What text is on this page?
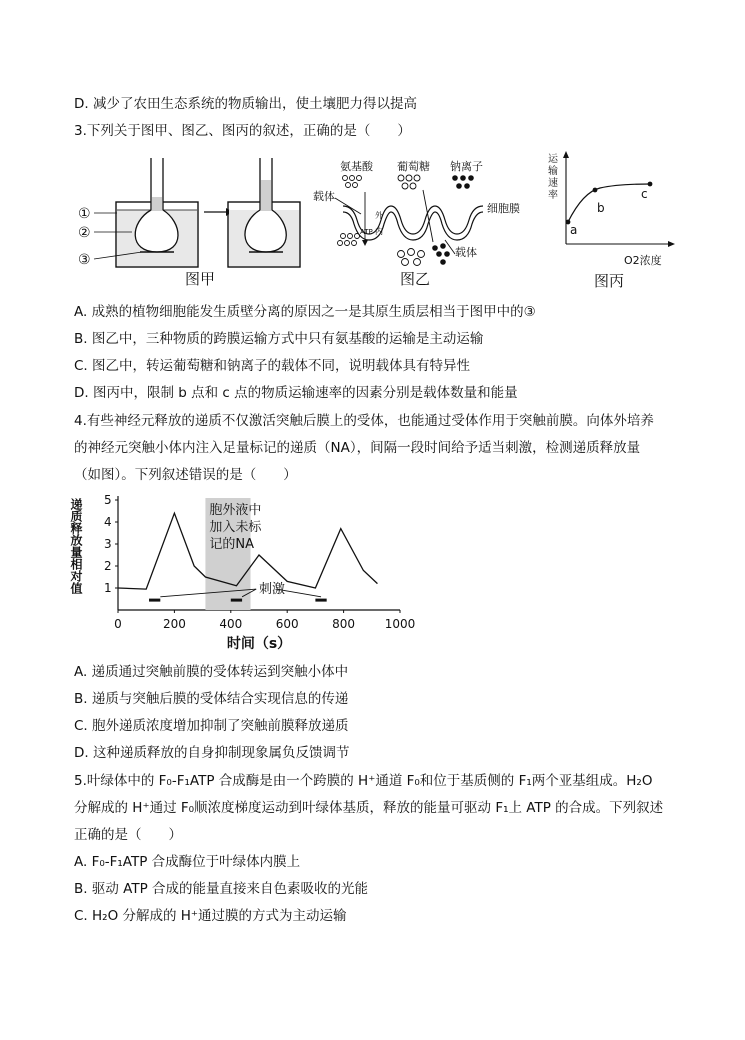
D. 减少了农田生态系统的物质输出，使土壤肥力得以提高
3.下列关于图甲、图乙、图丙的叙述，正确的是（　　）
①
②
③
图甲
氨基酸 葡萄糖 钠离子
载体
细胞膜
载体
外
内
ATP
图乙
运
输
速
率
a
b
c
O2浓度
图丙
A. 成熟的植物细胞能发生质壁分离的原因之一是其原生质层相当于图甲中的③
B. 图乙中，三种物质的跨膜运输方式中只有氨基酸的运输是主动运输
C. 图乙中，转运葡萄糖和钠离子的载体不同，说明载体具有特异性
D. 图丙中，限制 b 点和 c 点的物质运输速率的因素分别是载体数量和能量
4.有些神经元释放的递质不仅激活突触后膜上的受体，也能通过受体作用于突触前膜。向体外培养
的神经元突触小体内注入足量标记的递质（NA），间隔一段时间给予适当刺激，检测递质释放量
（如图）。下列叙述错误的是（　　）
递质释放量相对值	胞外液中
加入未标
记的NA
刺激
1
2
3
4
5
0	200	400	600	800 1000
时间（s）
A. 递质通过突触前膜的受体转运到突触小体中
B. 递质与突触后膜的受体结合实现信息的传递
C. 胞外递质浓度增加抑制了突触前膜释放递质
D. 这种递质释放的自身抑制现象属负反馈调节
5.叶绿体中的 F₀-F₁ATP 合成酶是由一个跨膜的 H⁺通道 F₀和位于基质侧的 F₁两个亚基组成。H₂O
分解成的 H⁺通过 F₀顺浓度梯度运动到叶绿体基质，释放的能量可驱动 F₁上 ATP 的合成。下列叙述
正确的是（　　）
A. F₀-F₁ATP 合成酶位于叶绿体内膜上
B. 驱动 ATP 合成的能量直接来自色素吸收的光能
C. H₂O 分解成的 H⁺通过膜的方式为主动运输
